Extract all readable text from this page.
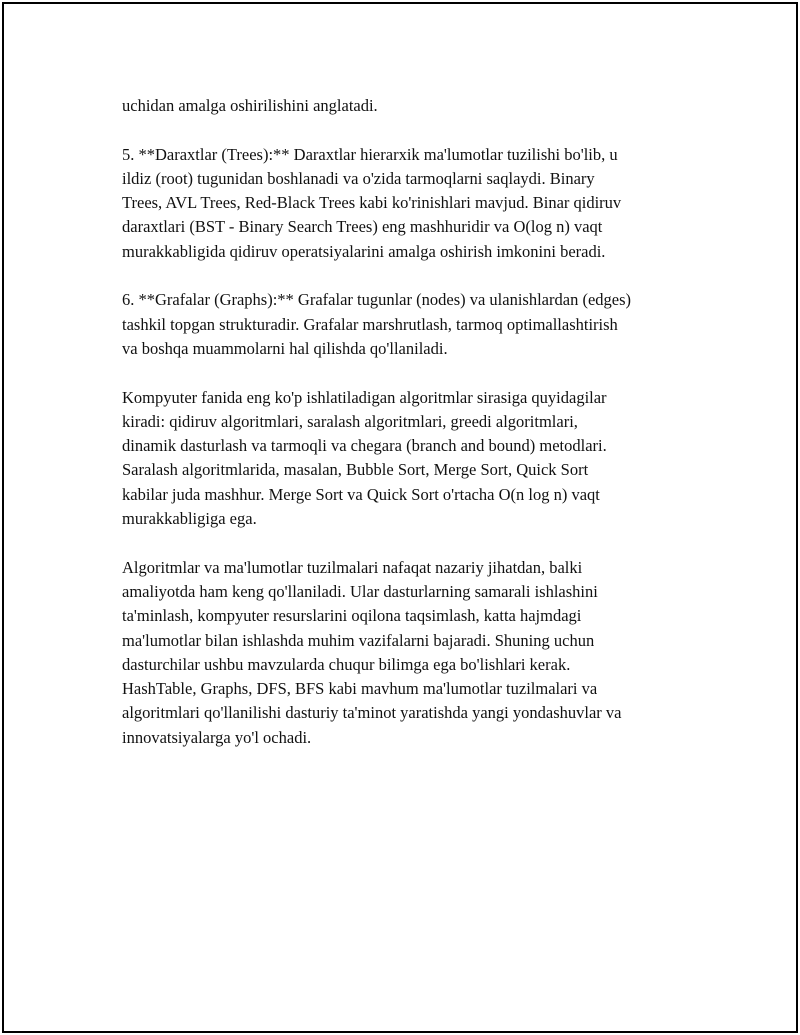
uchidan amalga oshirilishini anglatadi.

5. **Daraxtlar (Trees):** Daraxtlar hierarxik ma'lumotlar tuzilishi bo'lib, u
ildiz (root) tugunidan boshlanadi va o'zida tarmoqlarni saqlaydi. Binary
Trees, AVL Trees, Red-Black Trees kabi ko'rinishlari mavjud. Binar qidiruv
daraxtlari (BST - Binary Search Trees) eng mashhuridir va O(log n) vaqt
murakkabligida qidiruv operatsiyalarini amalga oshirish imkonini beradi.

6. **Grafalar (Graphs):** Grafalar tugunlar (nodes) va ulanishlardan (edges)
tashkil topgan strukturadir. Grafalar marshrutlash, tarmoq optimallashtirish
va boshqa muammolarni hal qilishda qo'llaniladi.

Kompyuter fanida eng ko'p ishlatiladigan algoritmlar sirasiga quyidagilar
kiradi: qidiruv algoritmlari, saralash algoritmlari, greedi algoritmlari,
dinamik dasturlash va tarmoqli va chegara (branch and bound) metodlari.
Saralash algoritmlarida, masalan, Bubble Sort, Merge Sort, Quick Sort
kabilar juda mashhur. Merge Sort va Quick Sort o'rtacha O(n log n) vaqt
murakkabligiga ega.

Algoritmlar va ma'lumotlar tuzilmalari nafaqat nazariy jihatdan, balki
amaliyotda ham keng qo'llaniladi. Ular dasturlarning samarali ishlashini
ta'minlash, kompyuter resurslarini oqilona taqsimlash, katta hajmdagi
ma'lumotlar bilan ishlashda muhim vazifalarni bajaradi. Shuning uchun
dasturchilar ushbu mavzularda chuqur bilimga ega bo'lishlari kerak.
HashTable, Graphs, DFS, BFS kabi mavhum ma'lumotlar tuzilmalari va
algoritmlari qo'llanilishi dasturiy ta'minot yaratishda yangi yondashuvlar va
innovatsiyalarga yo'l ochadi.
